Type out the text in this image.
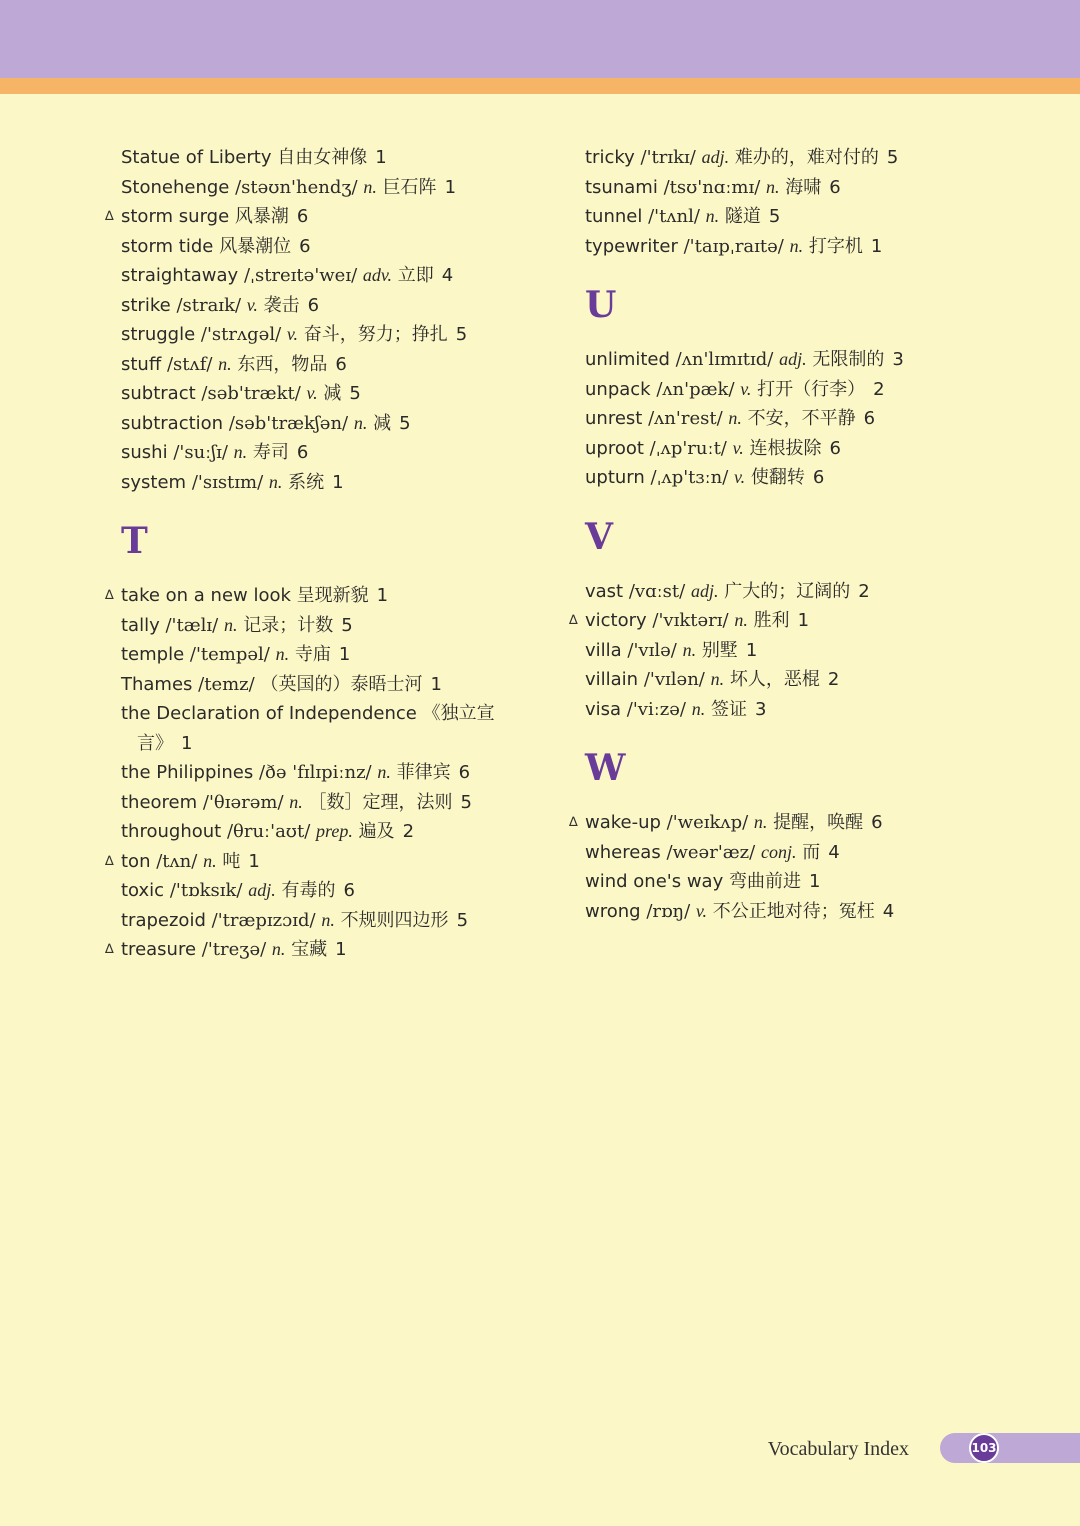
Statue of Liberty 自由女神像 1
Stonehenge /stəʊn'hendʒ/ n. 巨石阵 1
∆ storm surge 风暴潮 6
storm tide 风暴潮位 6
straightaway /ˌstreɪtə'weɪ/ adv. 立即 4
strike /straɪk/ v. 袭击 6
struggle /'strʌgəl/ v. 奋斗，努力；挣扎 5
stuff /stʌf/ n. 东西，物品 6
subtract /səb'trækt/ v. 减 5
subtraction /səb'trækʃən/ n. 减 5
sushi /'suːʃɪ/ n. 寿司 6
system /'sɪstɪm/ n. 系统 1
T
∆ take on a new look 呈现新貌 1
tally /'tælɪ/ n. 记录；计数 5
temple /'tempəl/ n. 寺庙 1
Thames /temz/ （英国的）泰晤士河 1
the Declaration of Independence 《独立宣
言》 1
the Philippines /ðə 'fɪlɪpiːnz/ n. 菲律宾 6
theorem /'θɪərəm/ n. ［数］定理，法则 5
throughout /θruː'aʊt/ prep. 遍及 2
∆ ton /tʌn/ n. 吨 1
toxic /'tɒksɪk/ adj. 有毒的 6
trapezoid /'træpɪzɔɪd/ n. 不规则四边形 5
∆ treasure /'treʒə/ n. 宝藏 1
tricky /'trɪkɪ/ adj. 难办的，难对付的 5
tsunami /tsʊ'nɑːmɪ/ n. 海啸 6
tunnel /'tʌnl/ n. 隧道 5
typewriter /'taɪpˌraɪtə/ n. 打字机 1
U
unlimited /ʌn'lɪmɪtɪd/ adj. 无限制的 3
unpack /ʌn'pæk/ v. 打开（行李） 2
unrest /ʌn'rest/ n. 不安，不平静 6
uproot /ˌʌp'ruːt/ v. 连根拔除 6
upturn /ˌʌp'tɜːn/ v. 使翻转 6
V
vast /vɑːst/ adj. 广大的；辽阔的 2
∆ victory /'vɪktərɪ/ n. 胜利 1
villa /'vɪlə/ n. 别墅 1
villain /'vɪlən/ n. 坏人，恶棍 2
visa /'viːzə/ n. 签证 3
W
∆ wake-up /'weɪkʌp/ n. 提醒，唤醒 6
whereas /weər'æz/ conj. 而 4
wind one's way 弯曲前进 1
wrong /rɒŋ/ v. 不公正地对待；冤枉 4
Vocabulary Index	103
